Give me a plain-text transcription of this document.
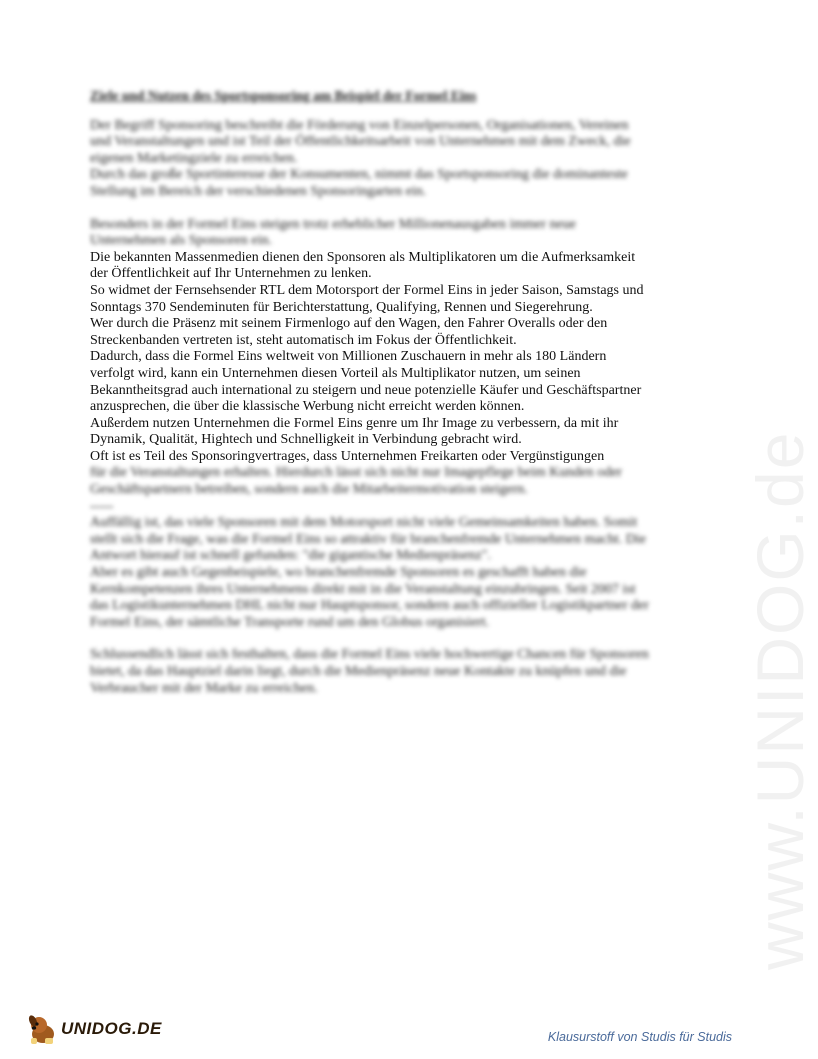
www.UNIDOG.de
Ziele und Nutzen des Sportsponsoring am Beispiel der Formel Eins

Der Begriff Sponsoring beschreibt die Förderung von Einzelpersonen, Organisationen, Vereinen und Veranstaltungen und ist Teil der Öffentlichkeitsarbeit von Unternehmen mit dem Zweck, die eigenen Marketingziele zu erreichen.

Durch das große Sportinteresse der Konsumenten, nimmt das Sportsponsoring die dominanteste Stellung im Bereich der verschiedenen Sponsoringarten ein.

Besonders in der Formel Eins steigen trotz erheblicher Millionenausgaben immer neue Unternehmen als Sponsoren ein.

Die bekannten Massenmedien dienen den Sponsoren als Multiplikatoren um die Aufmerksamkeit der Öffentlichkeit auf Ihr Unternehmen zu lenken.

So widmet der Fernsehsender RTL dem Motorsport der Formel Eins in jeder Saison, Samstags und Sonntags 370 Sendeminuten für Berichterstattung, Qualifying, Rennen und Siegerehrung.

Wer durch die Präsenz mit seinem Firmenlogo auf den Wagen, den Fahrer Overalls oder den Streckenbanden vertreten ist, steht automatisch im Fokus der Öffentlichkeit.

Dadurch, dass die Formel Eins weltweit von Millionen Zuschauern in mehr als 180 Ländern verfolgt wird, kann ein Unternehmen diesen Vorteil als Multiplikator nutzen, um seinen Bekanntheitsgrad auch international zu steigern und neue potenzielle Käufer und Geschäftspartner anzusprechen, die über die klassische Werbung nicht erreicht werden können.

Außerdem nutzen Unternehmen die Formel Eins genre um Ihr Image zu verbessern, da mit ihr Dynamik, Qualität, Hightech und Schnelligkeit in Verbindung gebracht wird.

Oft ist es Teil des Sponsoringvertrages, dass Unternehmen Freikarten oder Vergünstigungen

für die Veranstaltungen erhalten. Hierdurch lässt sich nicht nur Imagepflege beim Kunden oder Geschäftspartnern betreiben, sondern auch die Mitarbeitermotivation steigern.

-----

Auffällig ist, das viele Sponsoren mit dem Motorsport nicht viele Gemeinsamkeiten haben. Somit stellt sich die Frage, was die Formel Eins so attraktiv für branchenfremde Unternehmen macht. Die Antwort hierauf ist schnell gefunden: "die gigantische Medienpräsenz".

Aber es gibt auch Gegenbeispiele, wo branchenfremde Sponsoren es geschafft haben die Kernkompetenzen ihres Unternehmens direkt mit in die Veranstaltung einzubringen. Seit 2007 ist das Logistikunternehmen DHL nicht nur Hauptsponsor, sondern auch offizieller Logistikpartner der Formel Eins, der sämtliche Transporte rund um den Globus organisiert.

Schlussendlich lässt sich festhalten, dass die Formel Eins viele hochwertige Chancen für Sponsoren bietet, da das Hauptziel darin liegt, durch die Medienpräsenz neue Kontakte zu knüpfen und die Verbraucher mit der Marke zu erreichen.

UNIDOG.DE	Klausurstoff von Studis für Studis
